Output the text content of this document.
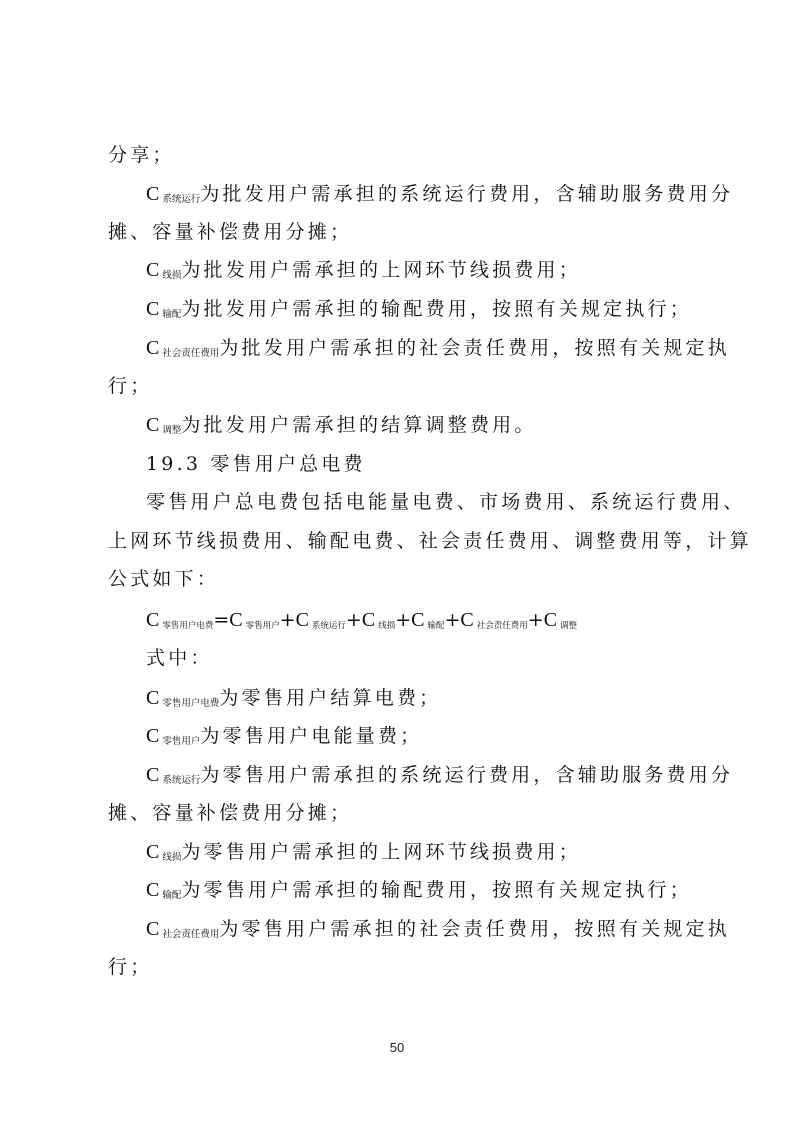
分享；
C $_{系统运行}$为批发用户需承担的系统运行费用，含辅助服务费用分
摊、容量补偿费用分摊；
C $_{线损}$为批发用户需承担的上网环节线损费用；
C $_{输配}$为批发用户需承担的输配费用，按照有关规定执行；
C $_{社会责任费用}$为批发用户需承担的社会责任费用，按照有关规定执
行；
C $_{调整}$为批发用户需承担的结算调整费用。
19.3 零售用户总电费
零售用户总电费包括电能量电费、市场费用、系统运行费用、
上网环节线损费用、输配电费、社会责任费用、调整费用等，计算
公式如下：
C $_{零售用户电费}$=C $_{零售用户}$+C $_{系统运行}$+C $_{线损}$+C $_{输配}$+C $_{社会责任费用}$+C $_{调整}$
式中：
C $_{零售用户电费}$为零售用户结算电费；
C $_{零售用户}$为零售用户电能量费；
C $_{系统运行}$为零售用户需承担的系统运行费用，含辅助服务费用分
摊、容量补偿费用分摊；
C $_{线损}$为零售用户需承担的上网环节线损费用；
C $_{输配}$为零售用户需承担的输配费用，按照有关规定执行；
C $_{社会责任费用}$为零售用户需承担的社会责任费用，按照有关规定执
行；
50
